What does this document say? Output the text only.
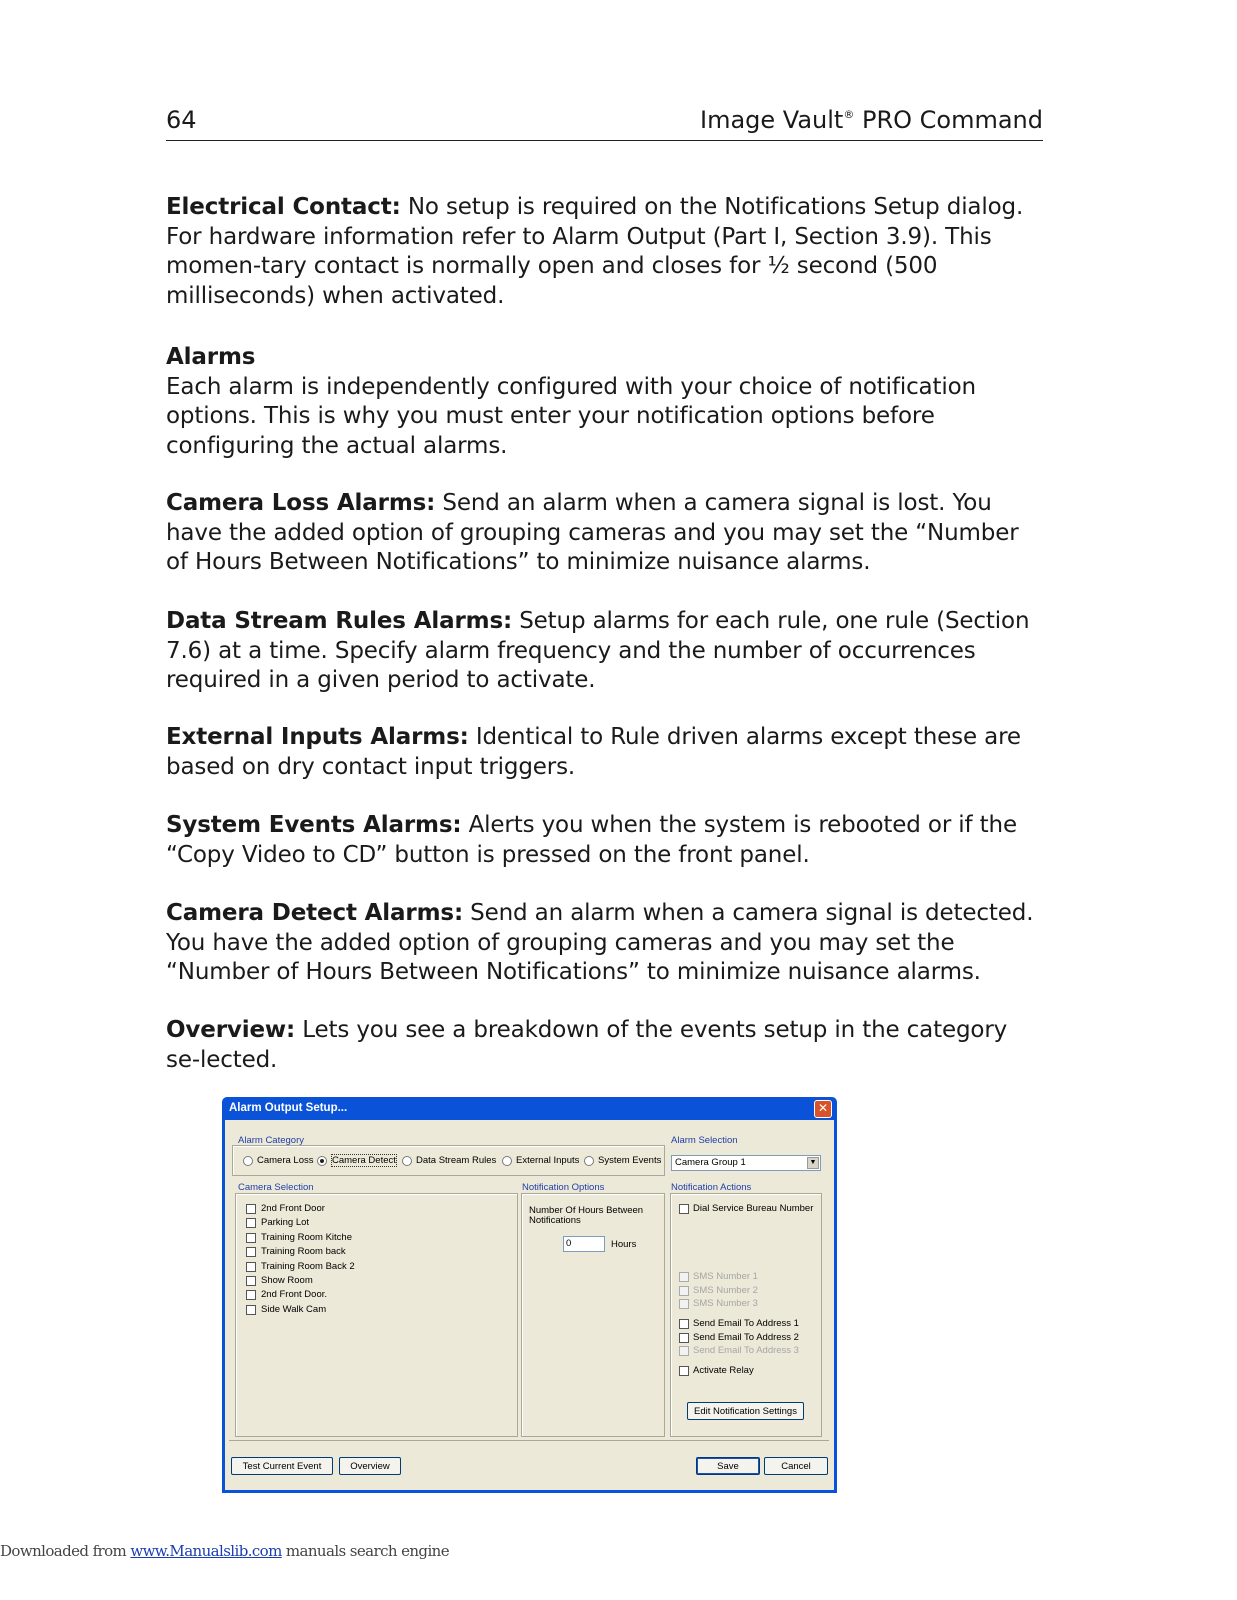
64	Image Vault® PRO Command
Electrical Contact: No setup is required on the Notifications Setup dialog. For hardware information refer to Alarm Output (Part I, Section 3.9). This momen-tary contact is normally open and closes for ½ second (500 milliseconds) when activated.
Alarms
Each alarm is independently configured with your choice of notification options. This is why you must enter your notification options before configuring the actual alarms.
Camera Loss Alarms: Send an alarm when a camera signal is lost. You have the added option of grouping cameras and you may set the “Number of Hours Between Notifications” to minimize nuisance alarms.
Data Stream Rules Alarms: Setup alarms for each rule, one rule (Section 7.6) at a time. Specify alarm frequency and the number of occurrences required in a given period to activate.
External Inputs Alarms: Identical to Rule driven alarms except these are based on dry contact input triggers.
System Events Alarms: Alerts you when the system is rebooted or if the “Copy Video to CD” button is pressed on the front panel.
Camera Detect Alarms: Send an alarm when a camera signal is detected. You have the added option of grouping cameras and you may set the “Number of Hours Between Notifications” to minimize nuisance alarms.
Overview: Lets you see a breakdown of the events setup in the category se-lected.
Alarm Output Setup...	✕
Alarm Category
Camera Loss Camera Detect Data Stream Rules External Inputs System Events
Alarm Selection
Camera Group 1	▼
Camera Selection
2nd Front Door
Parking Lot
Training Room Kitche
Training Room back
Training Room Back 2
Show Room
2nd Front Door.
Side Walk Cam
Notification Options
Number Of Hours Between
Notifications
0	Hours
Notification Actions
Dial Service Bureau Number
SMS Number 1
SMS Number 2
SMS Number 3
Send Email To Address 1
Send Email To Address 2
Send Email To Address 3
Activate Relay
Edit Notification Settings
Test Current Event	Overview	Save	Cancel
Downloaded from www.Manualslib.com manuals search engine
